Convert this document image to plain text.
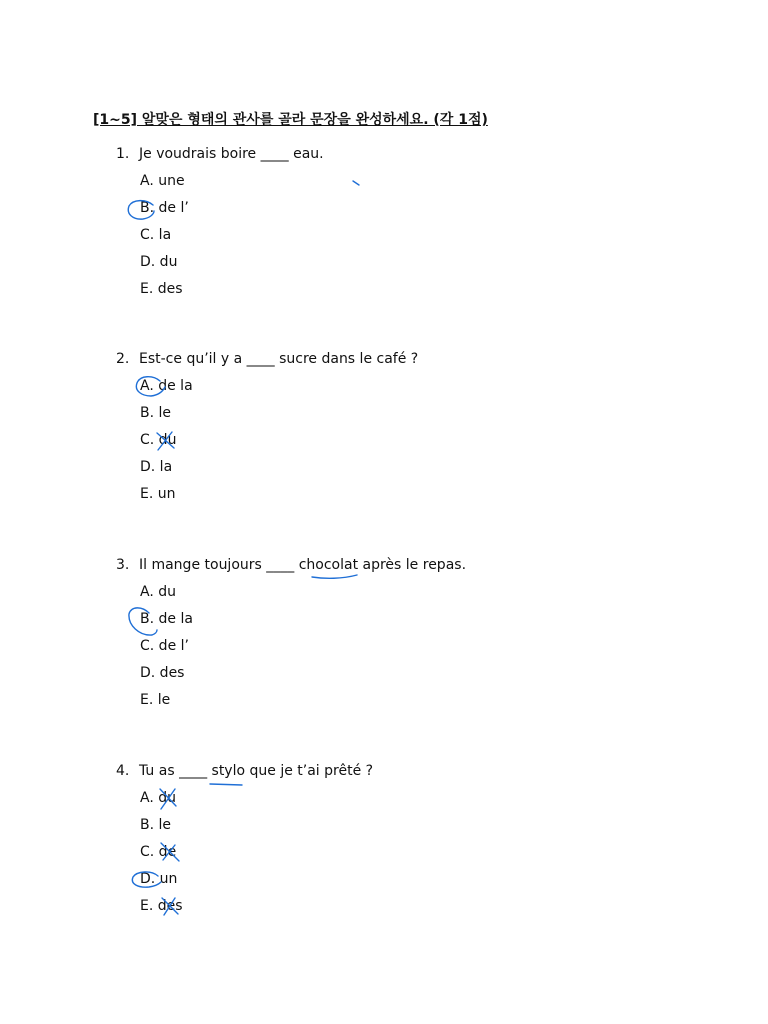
[1~5] 알맞은 형태의 관사를 골라 문장을 완성하세요. (각 1점)
1. Je voudrais boire ____ eau.
A. une
B. de l’
C. la
D. du
E. des
2. Est-ce qu’il y a ____ sucre dans le café ?
A. de la
B. le
C. du
D. la
E. un
3. Il mange toujours ____ chocolat après le repas.
A. du
B. de la
C. de l’
D. des
E. le
4. Tu as ____ stylo que je t’ai prêté ?
A. du
B. le
C. de
D. un
E. des
